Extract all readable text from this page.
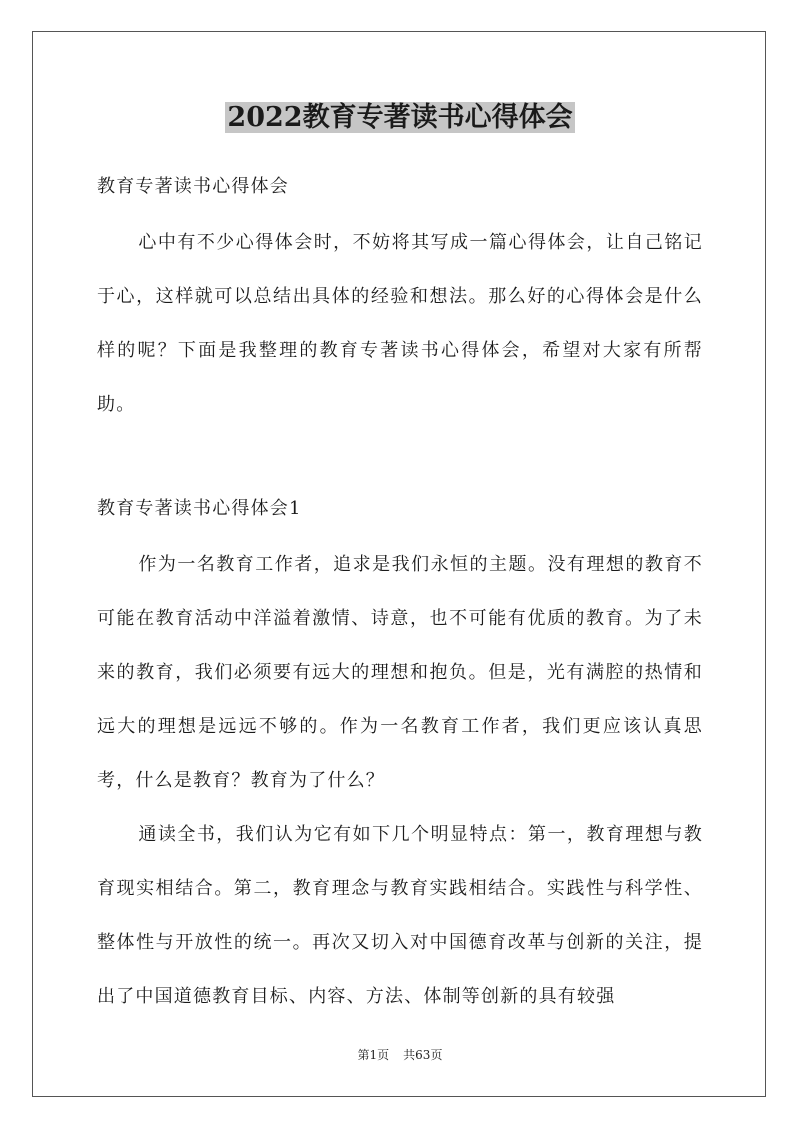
2022教育专著读书心得体会

教育专著读书心得体会

心中有不少心得体会时，不妨将其写成一篇心得体会，让自己铭记于心，这样就可以总结出具体的经验和想法。那么好的心得体会是什么样的呢？下面是我整理的教育专著读书心得体会，希望对大家有所帮助。

教育专著读书心得体会1

作为一名教育工作者，追求是我们永恒的主题。没有理想的教育不可能在教育活动中洋溢着激情、诗意，也不可能有优质的教育。为了未来的教育，我们必须要有远大的理想和抱负。但是，光有满腔的热情和远大的理想是远远不够的。作为一名教育工作者，我们更应该认真思考，什么是教育？教育为了什么？

通读全书，我们认为它有如下几个明显特点：第一，教育理想与教育现实相结合。第二，教育理念与教育实践相结合。实践性与科学性、整体性与开放性的统一。再次又切入对中国德育改革与创新的关注，提出了中国道德教育目标、内容、方法、体制等创新的具有较强

第1页 共63页
